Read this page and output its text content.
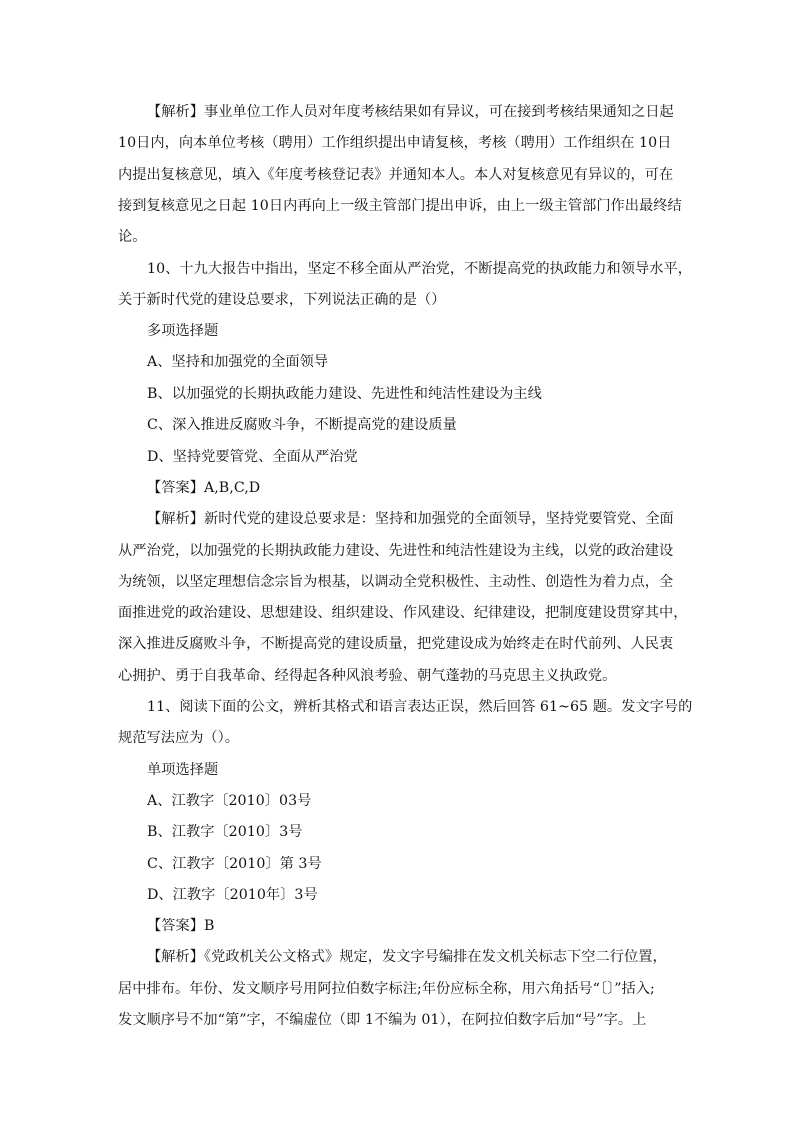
【解析】事业单位工作人员对年度考核结果如有异议，可在接到考核结果通知之日起
10日内，向本单位考核（聘用）工作组织提出申请复核，考核（聘用）工作组织在 10日
内提出复核意见，填入《年度考核登记表》并通知本人。本人对复核意见有异议的，可在
接到复核意见之日起 10日内再向上一级主管部门提出申诉，由上一级主管部门作出最终结
论。
10、十九大报告中指出，坚定不移全面从严治党，不断提高党的执政能力和领导水平，
关于新时代党的建设总要求，下列说法正确的是（）
多项选择题
A、坚持和加强党的全面领导
B、以加强党的长期执政能力建设、先进性和纯洁性建设为主线
C、深入推进反腐败斗争，不断提高党的建设质量
D、坚持党要管党、全面从严治党
【答案】A,B,C,D
【解析】新时代党的建设总要求是：坚持和加强党的全面领导，坚持党要管党、全面
从严治党，以加强党的长期执政能力建设、先进性和纯洁性建设为主线，以党的政治建设
为统领，以坚定理想信念宗旨为根基，以调动全党积极性、主动性、创造性为着力点，全
面推进党的政治建设、思想建设、组织建设、作风建设、纪律建设，把制度建设贯穿其中，
深入推进反腐败斗争，不断提高党的建设质量，把党建设成为始终走在时代前列、人民衷
心拥护、勇于自我革命、经得起各种风浪考验、朝气蓬勃的马克思主义执政党。
11、阅读下面的公文，辨析其格式和语言表达正误，然后回答 61~65 题。发文字号的
规范写法应为（）。
单项选择题
A、江教字〔2010〕03号
B、江教字〔2010〕3号
C、江教字〔2010〕第 3号
D、江教字〔2010年〕3号
【答案】B
【解析】《党政机关公文格式》规定，发文字号编排在发文机关标志下空二行位置，
居中排布。年份、发文顺序号用阿拉伯数字标注;年份应标全称，用六角括号“〔〕”括入;
发文顺序号不加“第”字，不编虚位（即 1不编为 01），在阿拉伯数字后加“号”字。上
